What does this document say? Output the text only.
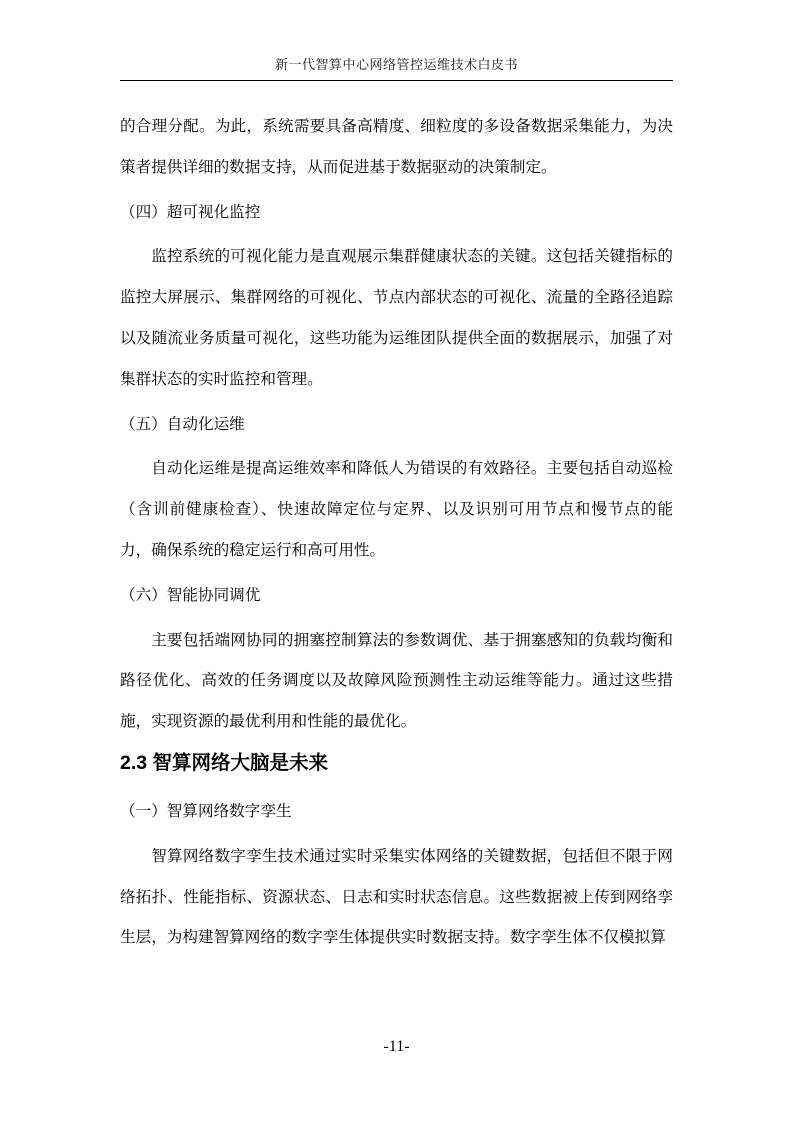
新一代智算中心网络管控运维技术白皮书

的合理分配。为此，系统需要具备高精度、细粒度的多设备数据采集能力，为决策者提供详细的数据支持，从而促进基于数据驱动的决策制定。

（四）超可视化监控

监控系统的可视化能力是直观展示集群健康状态的关键。这包括关键指标的监控大屏展示、集群网络的可视化、节点内部状态的可视化、流量的全路径追踪以及随流业务质量可视化，这些功能为运维团队提供全面的数据展示，加强了对集群状态的实时监控和管理。

（五）自动化运维

自动化运维是提高运维效率和降低人为错误的有效路径。主要包括自动巡检（含训前健康检查）、快速故障定位与定界、以及识别可用节点和慢节点的能力，确保系统的稳定运行和高可用性。

（六）智能协同调优

主要包括端网协同的拥塞控制算法的参数调优、基于拥塞感知的负载均衡和路径优化、高效的任务调度以及故障风险预测性主动运维等能力。通过这些措施，实现资源的最优利用和性能的最优化。

2.3 智算网络大脑是未来

（一）智算网络数字孪生

智算网络数字孪生技术通过实时采集实体网络的关键数据，包括但不限于网络拓扑、性能指标、资源状态、日志和实时状态信息。这些数据被上传到网络孪生层，为构建智算网络的数字孪生体提供实时数据支持。数字孪生体不仅模拟算

-11-
